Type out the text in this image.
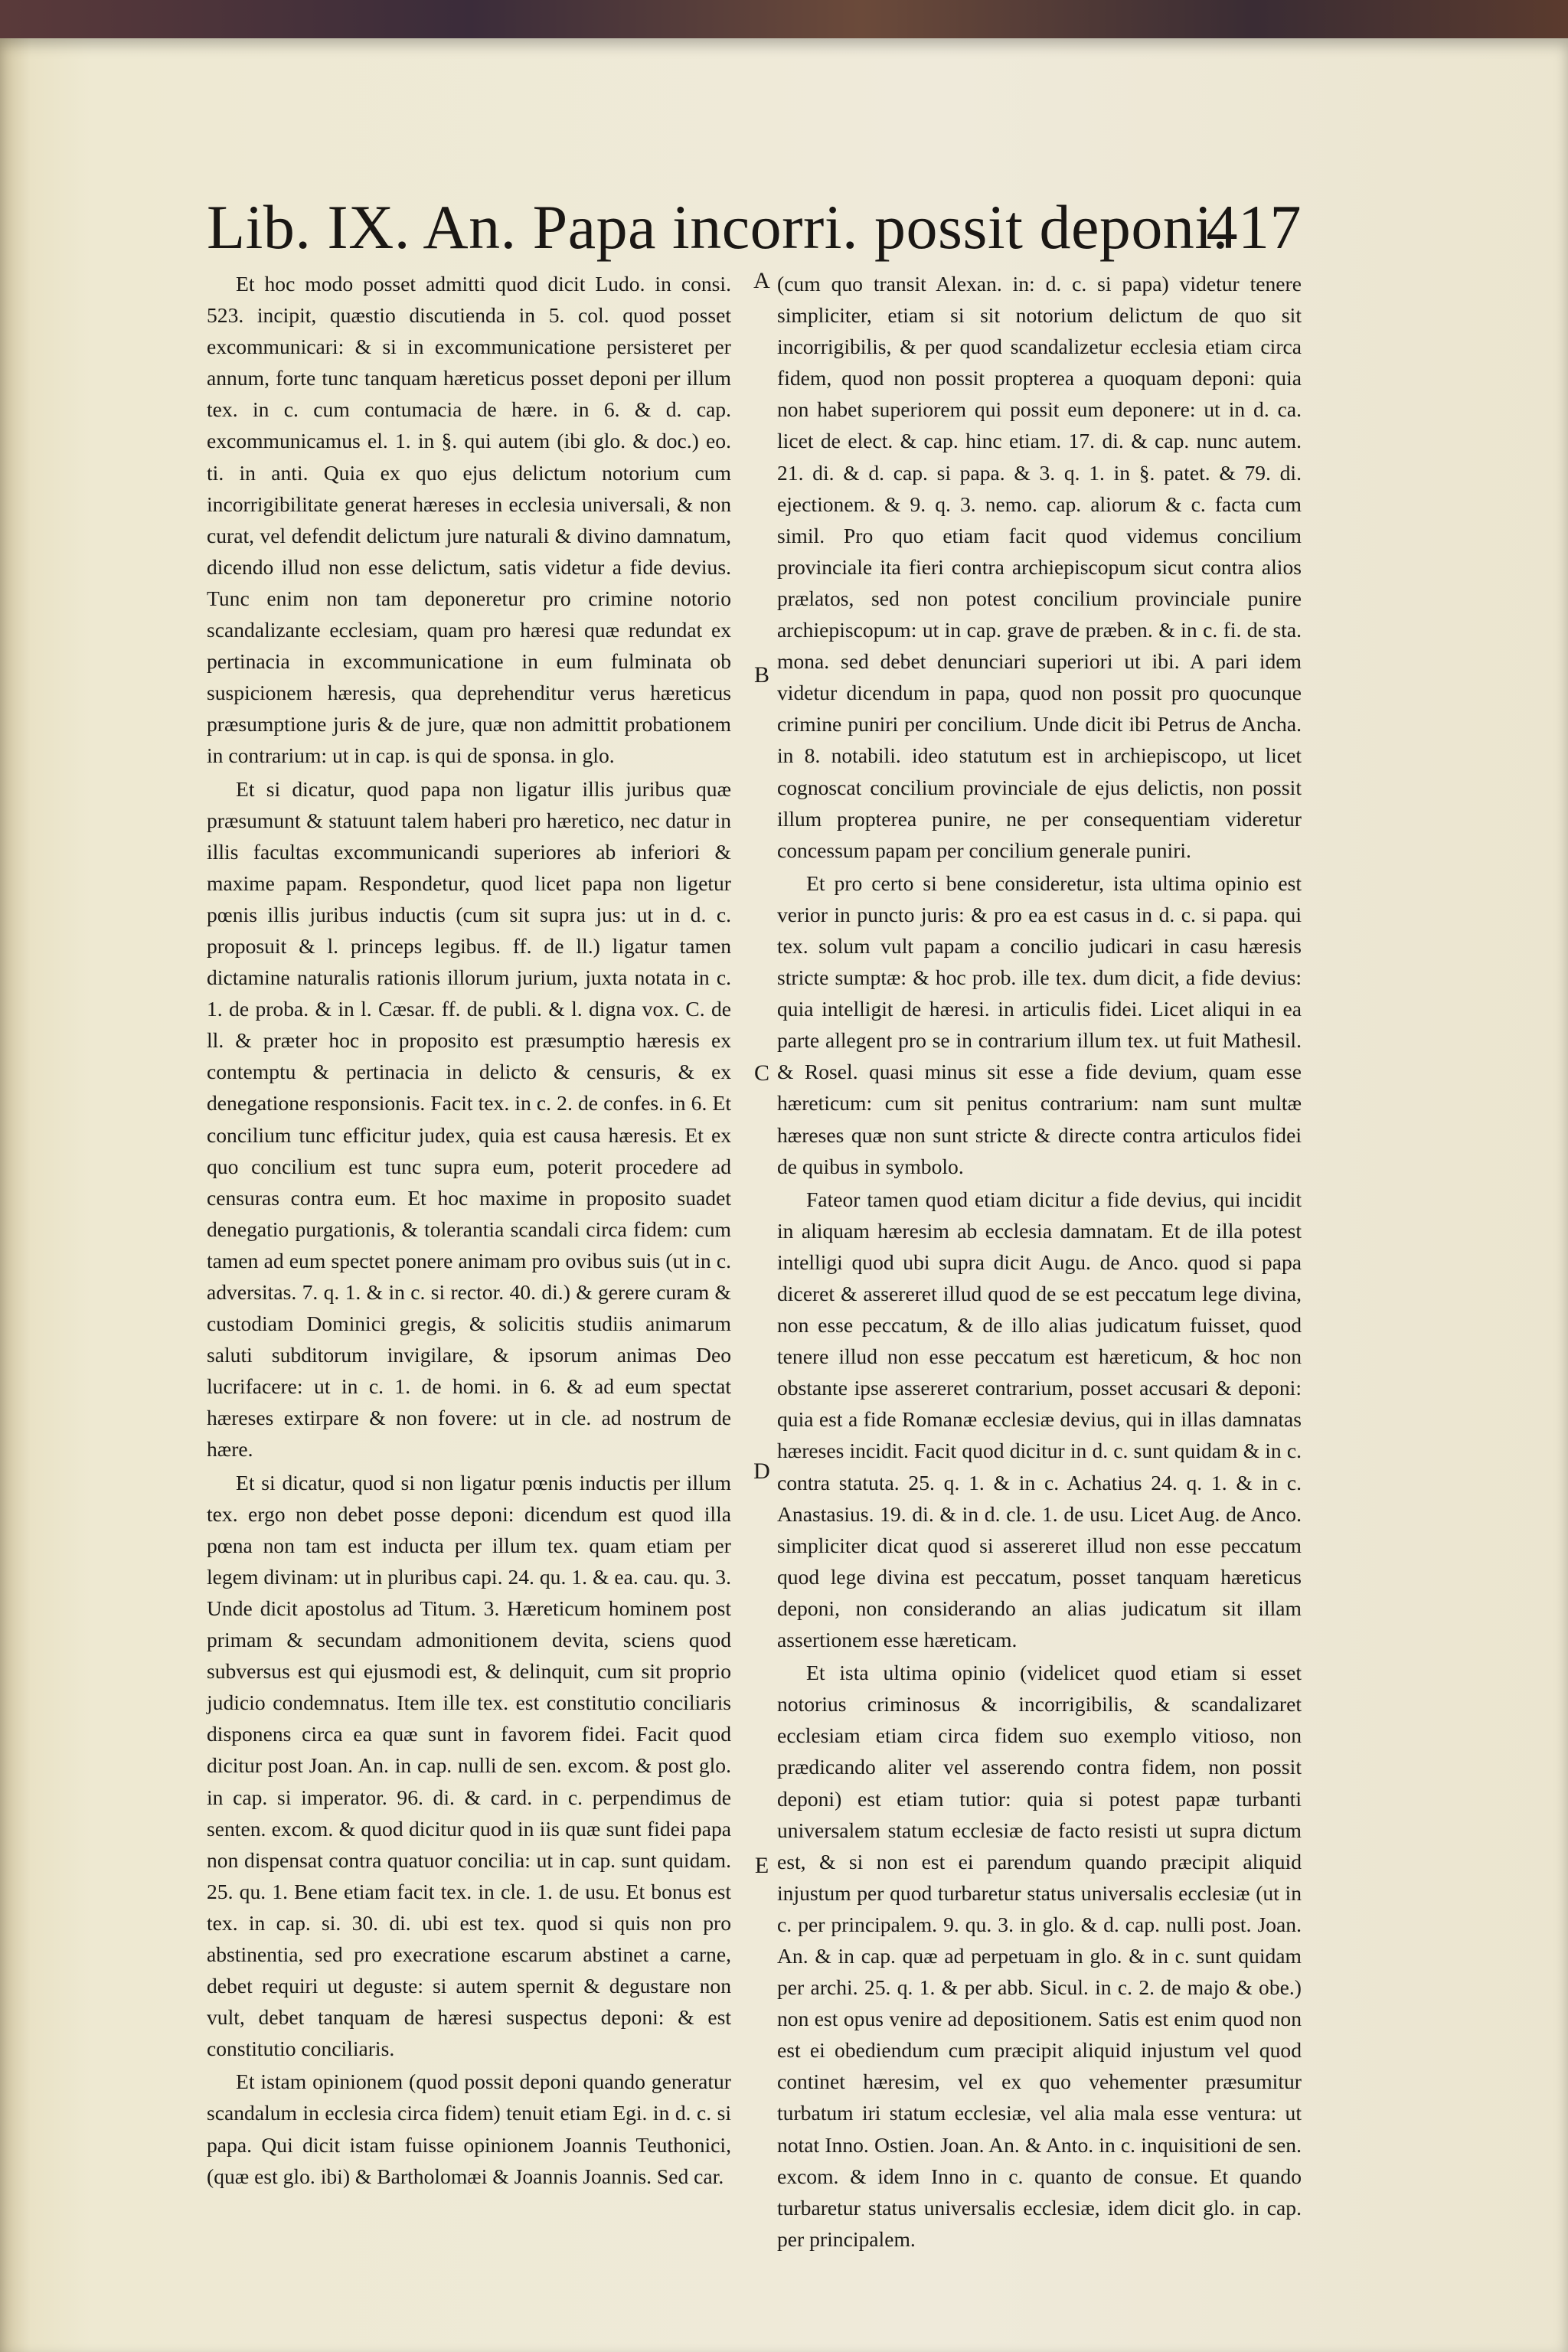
Lib. IX. An. Papa incorri. possit deponi.
417

Et hoc modo posset admitti quod dicit Ludo. in consi. 523. incipit, quæstio discutienda in 5. col. quod posset excommunicari: & si in excommunicatione persisteret per annum, forte tunc tanquam hæreticus posset deponi per illum tex. in c. cum contumacia de hære. in 6. & d. cap. excommunicamus el. 1. in §. qui autem (ibi glo. & doc.) eo. ti. in anti. Quia ex quo ejus delictum notorium cum incorrigibilitate generat hæreses in ecclesia universali, & non curat, vel defendit delictum jure naturali & divino damnatum, dicendo illud non esse delictum, satis videtur a fide devius. Tunc enim non tam deponeretur pro crimine notorio scandalizante ecclesiam, quam pro hæresi quæ redundat ex pertinacia in excommunicatione in eum fulminata ob suspicionem hæresis, qua deprehenditur verus hæreticus præsumptione juris & de jure, quæ non admittit probationem in contrarium: ut in cap. is qui de sponsa. in glo.

Et si dicatur, quod papa non ligatur illis juribus quæ præsumunt & statuunt talem haberi pro hæretico, nec datur in illis facultas excommunicandi superiores ab inferiori & maxime papam. Respondetur, quod licet papa non ligetur pœnis illis juribus inductis (cum sit supra jus: ut in d. c. proposuit & l. princeps legibus. ff. de ll.) ligatur tamen dictamine naturalis rationis illorum jurium, juxta notata in c. 1. de proba. & in l. Cæsar. ff. de publi. & l. digna vox. C. de ll. & præter hoc in proposito est præsumptio hæresis ex contemptu & pertinacia in delicto & censuris, & ex denegatione responsionis. Facit tex. in c. 2. de confes. in 6. Et concilium tunc efficitur judex, quia est causa hæresis. Et ex quo concilium est tunc supra eum, poterit procedere ad censuras contra eum. Et hoc maxime in proposito suadet denegatio purgationis, & tolerantia scandali circa fidem: cum tamen ad eum spectet ponere animam pro ovibus suis (ut in c. adversitas. 7. q. 1. & in c. si rector. 40. di.) & gerere curam & custodiam Dominici gregis, & solicitis studiis animarum saluti subditorum invigilare, & ipsorum animas Deo lucrifacere: ut in c. 1. de homi. in 6. & ad eum spectat hæreses extirpare & non fovere: ut in cle. ad nostrum de hære.

Et si dicatur, quod si non ligatur pœnis inductis per illum tex. ergo non debet posse deponi: dicendum est quod illa pœna non tam est inducta per illum tex. quam etiam per legem divinam: ut in pluribus capi. 24. qu. 1. & ea. cau. qu. 3. Unde dicit apostolus ad Titum. 3. Hæreticum hominem post primam & secundam admonitionem devita, sciens quod subversus est qui ejusmodi est, & delinquit, cum sit proprio judicio condemnatus. Item ille tex. est constitutio conciliaris disponens circa ea quæ sunt in favorem fidei. Facit quod dicitur post Joan. An. in cap. nulli de sen. excom. & post glo. in cap. si imperator. 96. di. & card. in c. perpendimus de senten. excom. & quod dicitur quod in iis quæ sunt fidei papa non dispensat contra quatuor concilia: ut in cap. sunt quidam. 25. qu. 1. Bene etiam facit tex. in cle. 1. de usu. Et bonus est tex. in cap. si. 30. di. ubi est tex. quod si quis non pro abstinentia, sed pro execratione escarum abstinet a carne, debet requiri ut deguste: si autem spernit & degustare non vult, debet tanquam de hæresi suspectus deponi: & est constitutio conciliaris.

Et istam opinionem (quod possit deponi quando generatur scandalum in ecclesia circa fidem) tenuit etiam Egi. in d. c. si papa. Qui dicit istam fuisse opinionem Joannis Teuthonici, (quæ est glo. ibi) & Bartholomæi & Joannis Joannis. Sed car.

A
B
C
D
E

(cum quo transit Alexan. in: d. c. si papa) videtur tenere simpliciter, etiam si sit notorium delictum de quo sit incorrigibilis, & per quod scandalizetur ecclesia etiam circa fidem, quod non possit propterea a quoquam deponi: quia non habet superiorem qui possit eum deponere: ut in d. ca. licet de elect. & cap. hinc etiam. 17. di. & cap. nunc autem. 21. di. & d. cap. si papa. & 3. q. 1. in §. patet. & 79. di. ejectionem. & 9. q. 3. nemo. cap. aliorum & c. facta cum simil. Pro quo etiam facit quod videmus concilium provinciale ita fieri contra archiepiscopum sicut contra alios prælatos, sed non potest concilium provinciale punire archiepiscopum: ut in cap. grave de præben. & in c. fi. de sta. mona. sed debet denunciari superiori ut ibi. A pari idem videtur dicendum in papa, quod non possit pro quocunque crimine puniri per concilium. Unde dicit ibi Petrus de Ancha. in 8. notabili. ideo statutum est in archiepiscopo, ut licet cognoscat concilium provinciale de ejus delictis, non possit illum propterea punire, ne per consequentiam videretur concessum papam per concilium generale puniri.

Et pro certo si bene consideretur, ista ultima opinio est verior in puncto juris: & pro ea est casus in d. c. si papa. qui tex. solum vult papam a concilio judicari in casu hæresis stricte sumptæ: & hoc prob. ille tex. dum dicit, a fide devius: quia intelligit de hæresi. in articulis fidei. Licet aliqui in ea parte allegent pro se in contrarium illum tex. ut fuit Mathesil. & Rosel. quasi minus sit esse a fide devium, quam esse hæreticum: cum sit penitus contrarium: nam sunt multæ hæreses quæ non sunt stricte & directe contra articulos fidei de quibus in symbolo.

Fateor tamen quod etiam dicitur a fide devius, qui incidit in aliquam hæresim ab ecclesia damnatam. Et de illa potest intelligi quod ubi supra dicit Augu. de Anco. quod si papa diceret & assereret illud quod de se est peccatum lege divina, non esse peccatum, & de illo alias judicatum fuisset, quod tenere illud non esse peccatum est hæreticum, & hoc non obstante ipse assereret contrarium, posset accusari & deponi: quia est a fide Romanæ ecclesiæ devius, qui in illas damnatas hæreses incidit. Facit quod dicitur in d. c. sunt quidam & in c. contra statuta. 25. q. 1. & in c. Achatius 24. q. 1. & in c. Anastasius. 19. di. & in d. cle. 1. de usu. Licet Aug. de Anco. simpliciter dicat quod si assereret illud non esse peccatum quod lege divina est peccatum, posset tanquam hæreticus deponi, non considerando an alias judicatum sit illam assertionem esse hæreticam.

Et ista ultima opinio (videlicet quod etiam si esset notorius criminosus & incorrigibilis, & scandalizaret ecclesiam etiam circa fidem suo exemplo vitioso, non prædicando aliter vel asserendo contra fidem, non possit deponi) est etiam tutior: quia si potest papæ turbanti universalem statum ecclesiæ de facto resisti ut supra dictum est, & si non est ei parendum quando præcipit aliquid injustum per quod turbaretur status universalis ecclesiæ (ut in c. per principalem. 9. qu. 3. in glo. & d. cap. nulli post. Joan. An. & in cap. quæ ad perpetuam in glo. & in c. sunt quidam per archi. 25. q. 1. & per abb. Sicul. in c. 2. de majo & obe.) non est opus venire ad depositionem. Satis est enim quod non est ei obediendum cum præcipit aliquid injustum vel quod continet hæresim, vel ex quo vehementer præsumitur turbatum iri statum ecclesiæ, vel alia mala esse ventura: ut notat Inno. Ostien. Joan. An. & Anto. in c. inquisitioni de sen. excom. & idem Inno in c. quanto de consue. Et quando turbaretur status universalis ecclesiæ, idem dicit glo. in cap. per principalem.
